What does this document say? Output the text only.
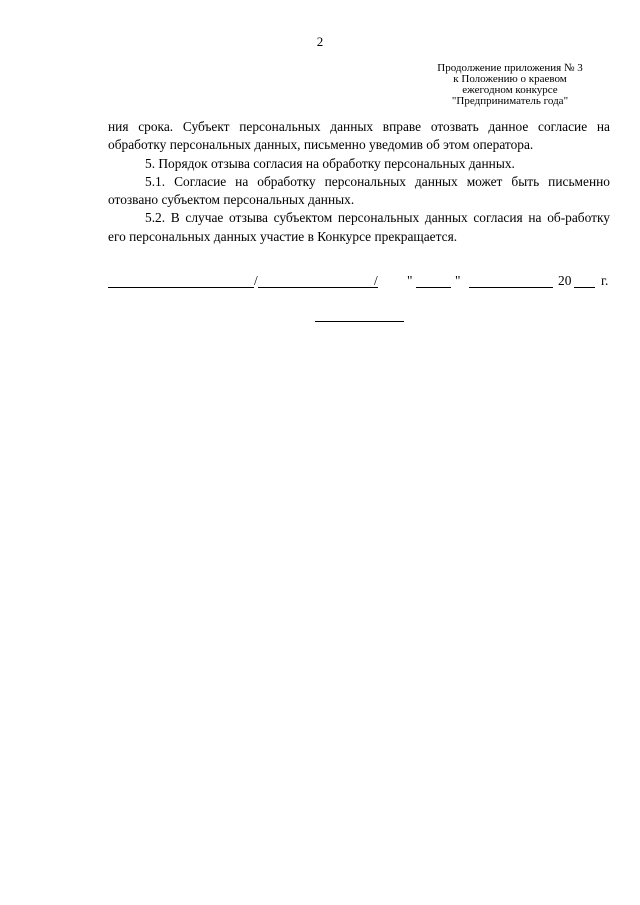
2
Продолжение приложения № 3
к Положению о краевом
ежегодном конкурсе
"Предприниматель года"

ния срока. Субъект персональных данных вправе отозвать данное согласие на обработку персональных данных, письменно уведомив об этом оператора.

5. Порядок отзыва согласия на обработку персональных данных.

5.1. Согласие на обработку персональных данных может быть письменно отозвано субъектом персональных данных.

5.2. В случае отзыва субъектом персональных данных согласия на об-работку его персональных данных участие в Конкурсе прекращается.

/	/ "	"	20 г.
